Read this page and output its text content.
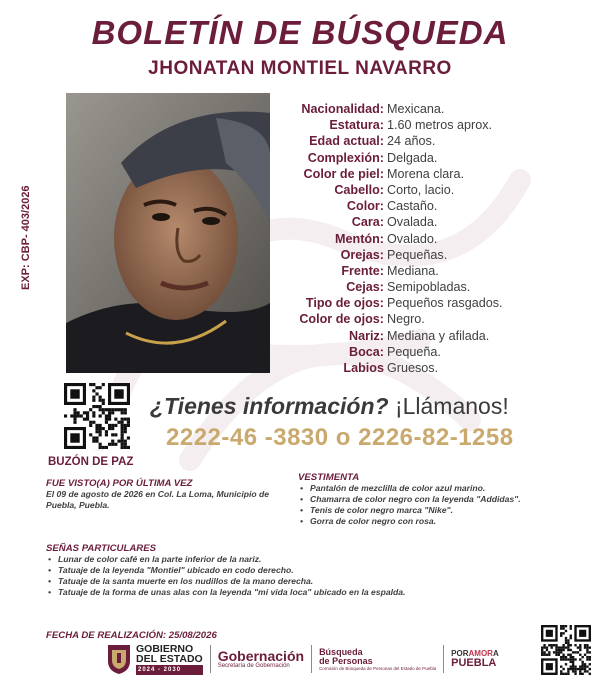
BOLETÍN DE BÚSQUEDA
JHONATAN MONTIEL NAVARRO
EXP: CBP- 403/2026
Nacionalidad: Mexicana.
Estatura: 1.60 metros aprox.
Edad actual: 24 años.
Complexión: Delgada.
Color de piel: Morena clara.
Cabello: Corto, lacio.
Color: Castaño.
Cara: Ovalada.
Mentón: Ovalado.
Orejas: Pequeñas.
Frente: Mediana.
Cejas: Semipobladas.
Tipo de ojos: Pequeños rasgados.
Color de ojos: Negro.
Nariz: Mediana y afilada.
Boca: Pequeña.
Labios Gruesos.
BUZÓN DE PAZ
¿Tienes información? ¡Llámanos!
2222-46 -3830 o 2226-82-1258
FUE VISTO(A) POR ÚLTIMA VEZ
El 09 de agosto de 2026 en Col. La Loma, Municipio de Puebla, Puebla.
VESTIMENTA
• Pantalón de mezclilla de color azul marino.
• Chamarra de color negro con la leyenda "Addidas".
• Tenis de color negro marca "Nike".
• Gorra de color negro con rosa.
SEÑAS PARTICULARES
• Lunar de color café en la parte inferior de la nariz.
• Tatuaje de la leyenda "Montiel" ubicado en codo derecho.
• Tatuaje de la santa muerte en los nudillos de la mano derecha.
• Tatuaje de la forma de unas alas con la leyenda "mi vida loca" ubicado en la espalda.
FECHA DE REALIZACIÓN: 25/08/2026
GOBIERNO
DEL ESTADO
2024 - 2030
Gobernación
Secretaría de Gobernación
Búsqueda
de Personas
Comisión de Búsqueda de Personas del Estado de Puebla
PORAMORA
PUEBLA
